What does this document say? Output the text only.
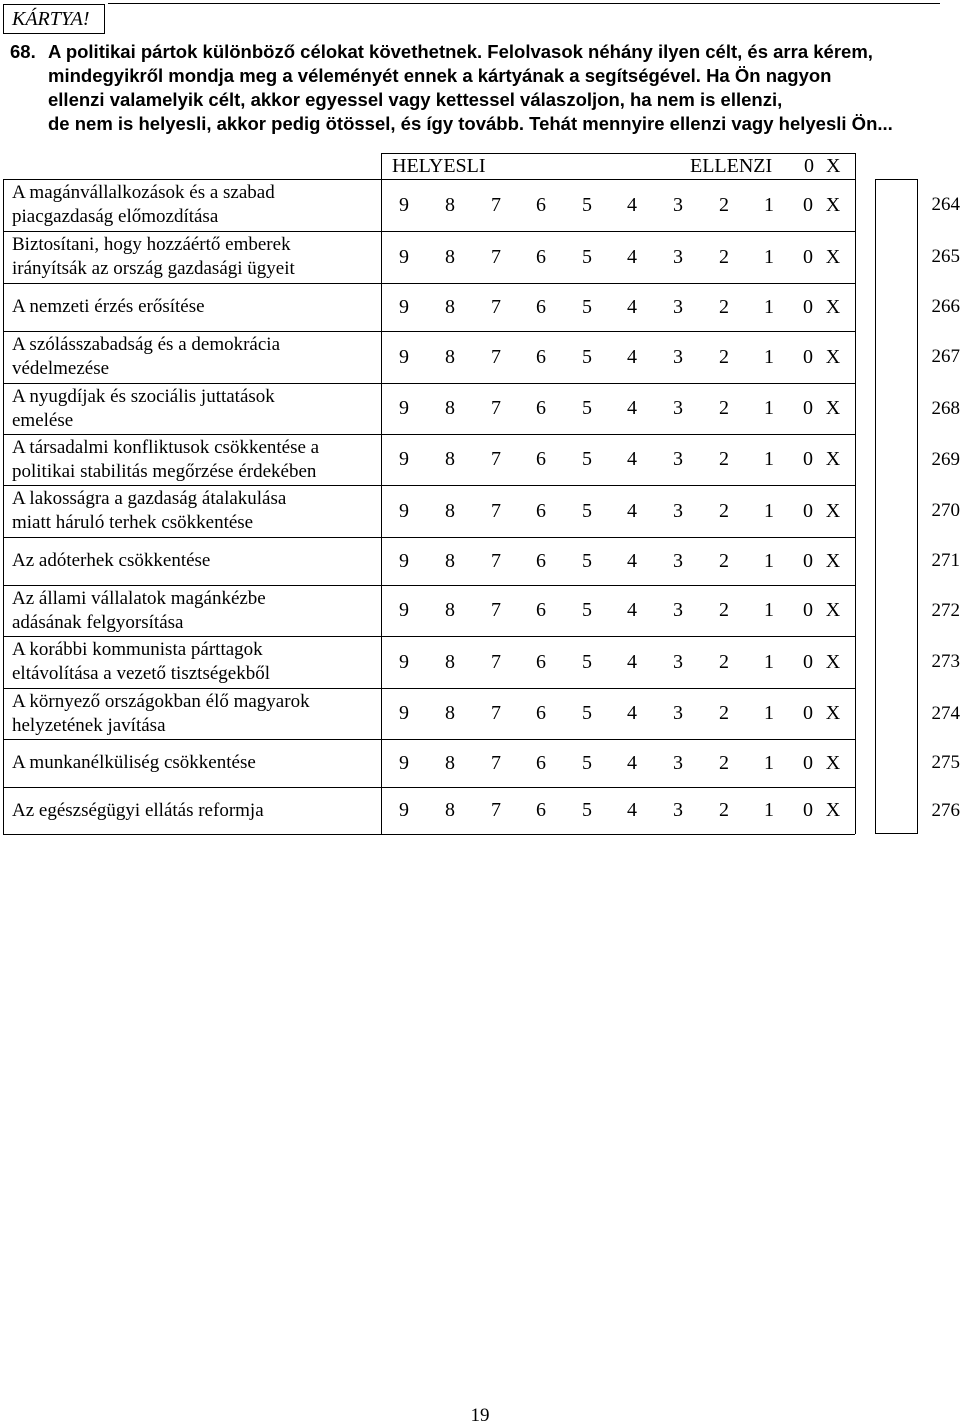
KÁRTYA!
68. A politikai pártok különböző célokat követhetnek. Felolvasok néhány ilyen célt, és arra kérem,
mindegyikről mondja meg a véleményét ennek a kártyának a segítségével. Ha Ön nagyon
ellenzi valamelyik célt, akkor egyessel vagy kettessel válaszoljon, ha nem is ellenzi,
de nem is helyesli, akkor pedig ötössel, és így tovább. Tehát mennyire ellenzi vagy helyesli Ön...
HELYESLI	ELLENZI 0 X
A magánvállalkozások és a szabad
piacgazdaság előmozdítása
9 8 7 6 5 4 3 2 1 0 X	264
Biztosítani, hogy hozzáértő emberek
irányítsák az ország gazdasági ügyeit
9 8 7 6 5 4 3 2 1 0 X	265
A nemzeti érzés erősítése	9 8 7 6 5 4 3 2 1 0 X	266
A szólásszabadság és a demokrácia
védelmezése
9 8 7 6 5 4 3 2 1 0 X	267
A nyugdíjak és szociális juttatások
emelése
9 8 7 6 5 4 3 2 1 0 X	268
A társadalmi konfliktusok csökkentése a
politikai stabilitás megőrzése érdekében
9 8 7 6 5 4 3 2 1 0 X	269
A lakosságra a gazdaság átalakulása
miatt háruló terhek csökkentése
9 8 7 6 5 4 3 2 1 0 X	270
Az adóterhek csökkentése	9 8 7 6 5 4 3 2 1 0 X	271
Az állami vállalatok magánkézbe
adásának felgyorsítása
9 8 7 6 5 4 3 2 1 0 X	272
A korábbi kommunista párttagok
eltávolítása a vezető tisztségekből
9 8 7 6 5 4 3 2 1 0 X	273
A környező országokban élő magyarok
helyzetének javítása
9 8 7 6 5 4 3 2 1 0 X	274
A munkanélküliség csökkentése	9 8 7 6 5 4 3 2 1 0 X	275
Az egészségügyi ellátás reformja	9 8 7 6 5 4 3 2 1 0 X	276
19
